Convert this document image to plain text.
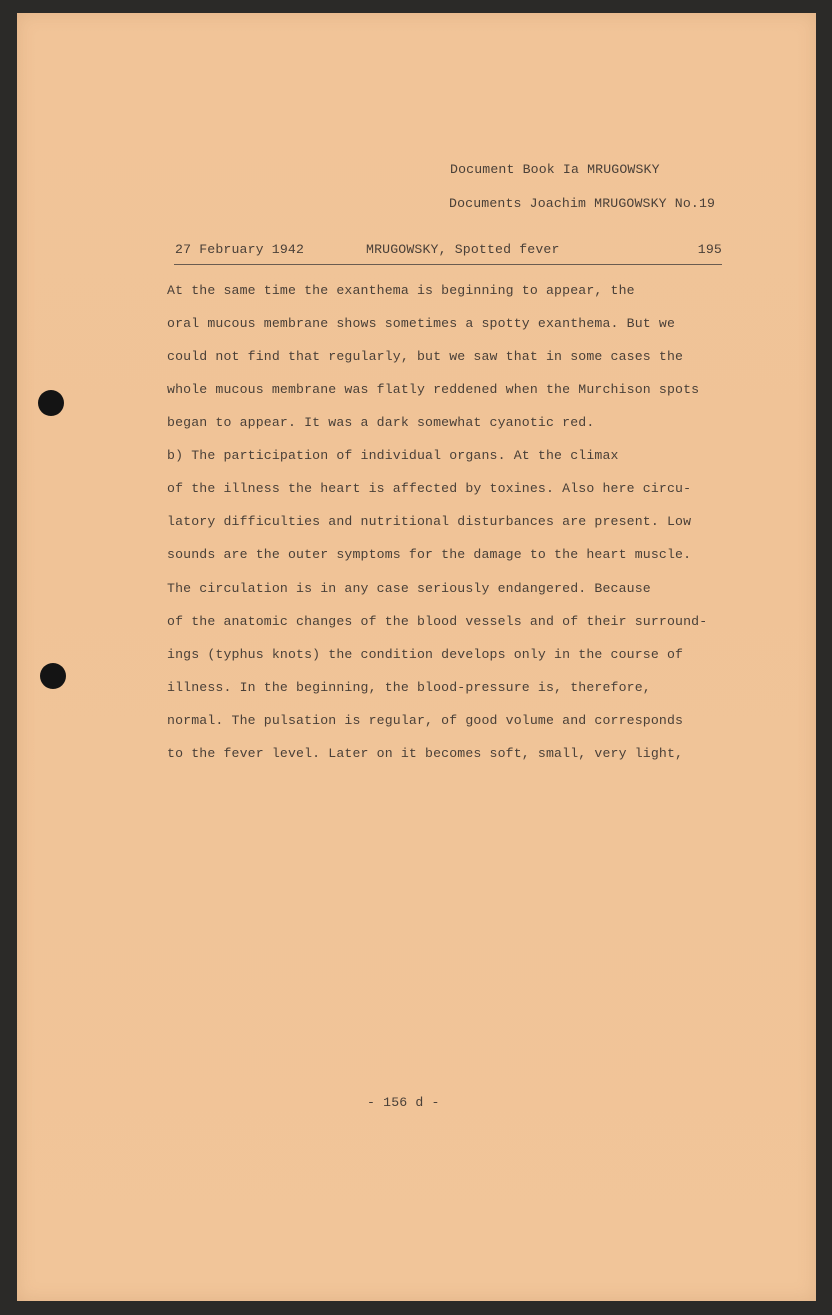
Document Book Ia MRUGOWSKY
Documents Joachim MRUGOWSKY No.19
27 February 1942	MRUGOWSKY, Spotted fever	195
At the same time the exanthema is beginning to appear, the
oral mucous membrane shows sometimes a spotty exanthema. But we
could not find that regularly, but we saw that in some cases the
whole mucous membrane was flatly reddened when the Murchison spots
began to appear. It was a dark somewhat cyanotic red.
b) The participation of individual organs. At the climax
of the illness the heart is affected by toxines. Also here circu-
latory difficulties and nutritional disturbances are present. Low
sounds are the outer symptoms for the damage to the heart muscle.
The circulation is in any case seriously endangered. Because
of the anatomic changes of the blood vessels and of their surround-
ings (typhus knots) the condition develops only in the course of
illness. In the beginning, the blood-pressure is, therefore,
normal. The pulsation is regular, of good volume and corresponds
to the fever level. Later on it becomes soft, small, very light,
- 156 d -
